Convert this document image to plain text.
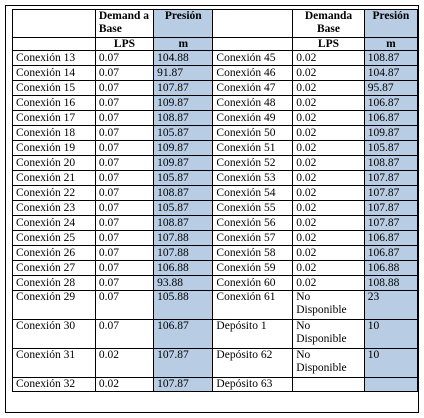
	Demand a Base	Presión		Demanda Base	Presión
	LPS	m		LPS	m
Conexión 13	0.07	104.88	Conexión 45	0.02	108.87
Conexión 14	0.07	91.87	Conexión 46	0.02	104.87
Conexión 15	0.07	107.87	Conexión 47	0.02	95.87
Conexión 16	0.07	109.87	Conexión 48	0.02	106.87
Conexión 17	0.07	108.87	Conexión 49	0.02	106.87
Conexión 18	0.07	105.87	Conexión 50	0.02	109.87
Conexión 19	0.07	109.87	Conexión 51	0.02	105.87
Conexión 20	0.07	109.87	Conexión 52	0.02	108.87
Conexión 21	0.07	105.87	Conexión 53	0.02	107.87
Conexión 22	0.07	108.87	Conexión 54	0.02	107.87
Conexión 23	0.07	105.87	Conexión 55	0.02	107.87
Conexión 24	0.07	108.87	Conexión 56	0.02	107.87
Conexión 25	0.07	107.88	Conexión 57	0.02	106.87
Conexión 26	0.07	107.88	Conexión 58	0.02	106.87
Conexión 27	0.07	106.88	Conexión 59	0.02	106.88
Conexión 28	0.07	93.88	Conexión 60	0.02	108.88
Conexión 29	0.07	105.88	Conexión 61	No Disponible	23
Conexión 30	0.07	106.87	Depósito 1	No Disponible	10
Conexión 31	0.02	107.87	Depósito 62	No Disponible	10
Conexión 32	0.02	107.87	Depósito 63		
